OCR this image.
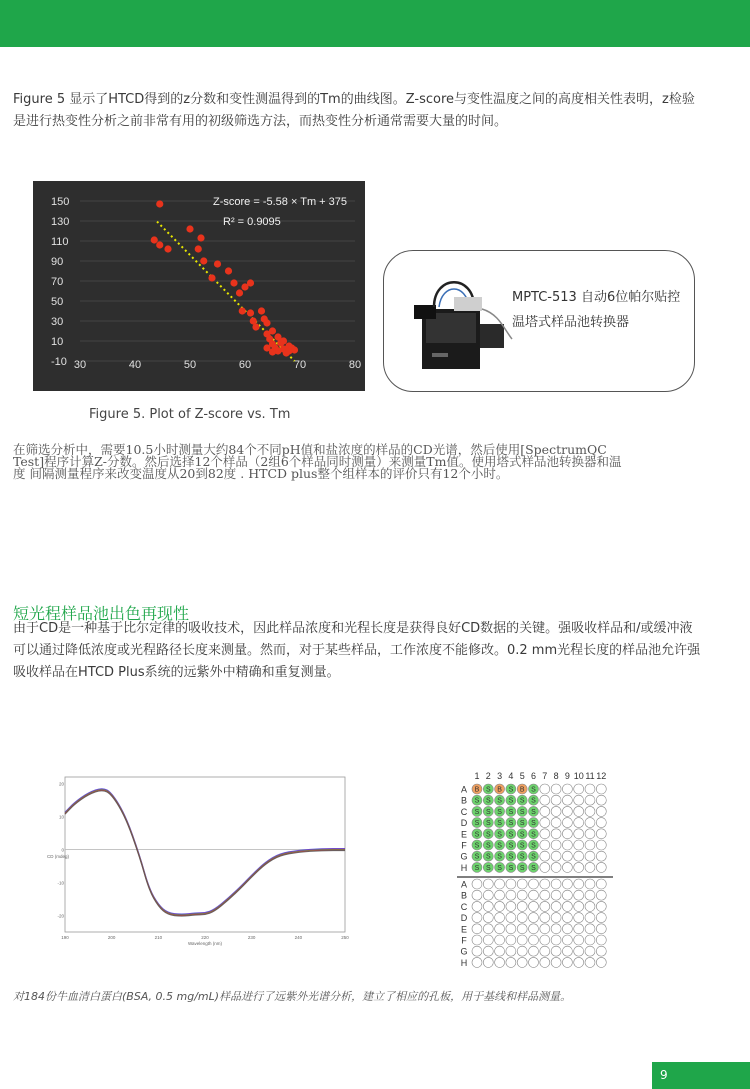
Figure 5 显示了HTCD得到的z分数和变性测温得到的Tm的曲线图。Z-score与变性温度之间的高度相关性表明，z检验是进行热变性分析之前非常有用的初级筛选方法，而热变性分析通常需要大量的时间。
150
130
110
90
70
50
30
10
-10 30	40	50	60	70	80
Z-score = -5.58 × Tm + 375
R² = 0.9095
Figure 5. Plot of Z-score vs. Tm
MPTC-513 自动6位帕尔贴控温塔式样品池转换器
在筛选分析中，需要10.5小时测量大约84个不同pH值和盐浓度的样品的CD光谱，然后使用[SpectrumQC
Test]程序计算Z-分数。然后选择12个样品（2组6个样品同时测量）来测量Tm值。使用塔式样品池转换器和温
度 间隔测量程序来改变温度从20到82度 . HTCD plus整个组样本的评价只有12个小时。
短光程样品池出色再现性
由于CD是一种基于比尔定律的吸收技术，因此样品浓度和光程长度是获得良好CD数据的关键。强吸收样品和/或缓冲液可以通过降低浓度或光程路径长度来测量。然而，对于某些样品，工作浓度不能修改。0.2 mm光程长度的样品池允许强吸收样品在HTCD Plus系统的远紫外中精确和重复测量。
190	200	210	220	230	240	250
20
10
0
-10
-20
Wavelength (nm)
CD (mdeg)
1 2 3 4 5 6 7 8 9 10 11 12
A B S B S B S
B S S S S S S
C S S S S S S
D S S S S S S
E S S S S S S
F S S S S S S
G S S S S S S
H S S S S S S
A
B
C
D
E
F
G
H
对184份牛血清白蛋白(BSA, 0.5 mg/mL)样品进行了远紫外光谱分析，建立了相应的孔板，用于基线和样品测量。
9
